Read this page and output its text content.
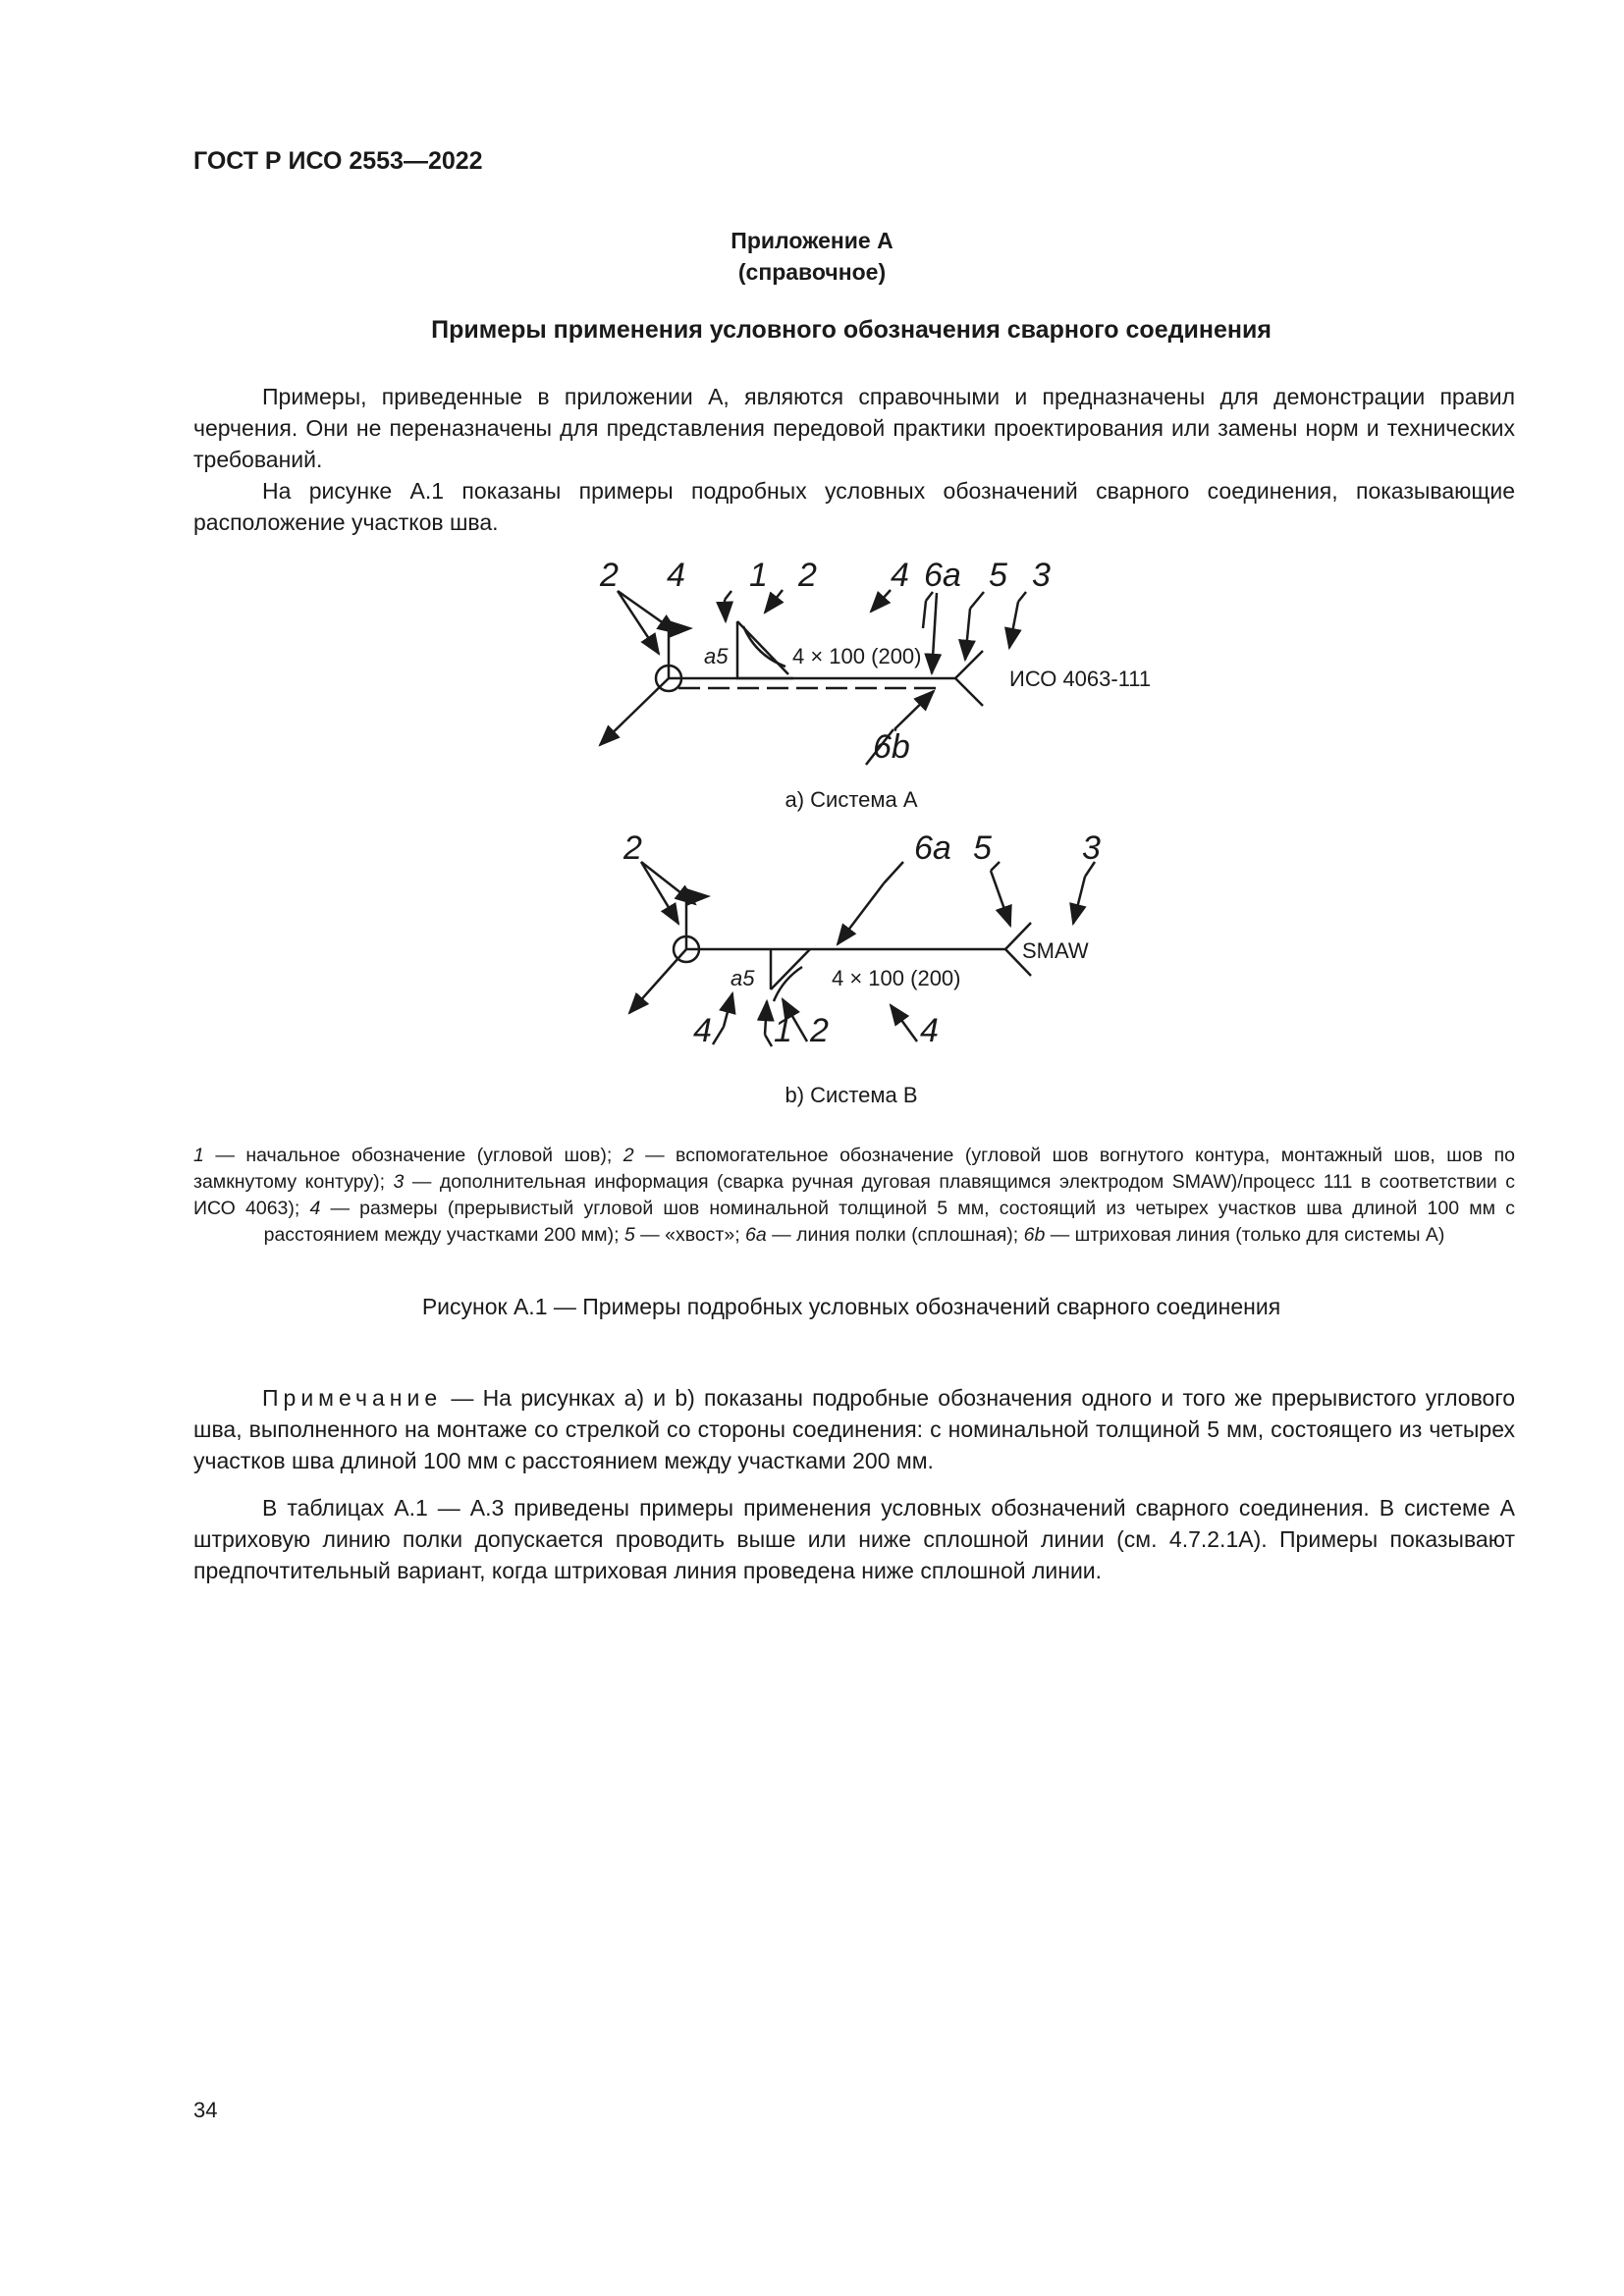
ГОСТ Р ИСО 2553—2022
Приложение А
(справочное)
Примеры применения условного обозначения сварного соединения
Примеры, приведенные в приложении А, являются справочными и предназначены для демонстрации правил черчения. Они не переназначены для представления передовой практики проектирования или замены норм и технических требований.
На рисунке А.1 показаны примеры подробных условных обозначений сварного соединения, показывающие расположение участков шва.
2 4 1 2 4 6a 5 3
6b
a5	4 × 100 (200)
ИСО 4063-111
а) Система А
2	6a 5	3
4 1 2	4
a5	4 × 100 (200)
SMAW
b) Система В
1 — начальное обозначение (угловой шов); 2 — вспомогательное обозначение (угловой шов вогнутого контура, монтажный шов, шов по замкнутому контуру); 3 — дополнительная информация (сварка ручная дуговая плавящимся электродом SMAW)/процесс 111 в соответствии с ИСО 4063); 4 — размеры (прерывистый угловой шов номинальной толщиной 5 мм, состоящий из четырех участков шва длиной 100 мм с расстоянием между участками 200 мм); 5 — «хвост»; 6a — линия полки (сплошная); 6b — штриховая линия (только для системы А)
Рисунок А.1 — Примеры подробных условных обозначений сварного соединения
Примечание — На рисунках а) и b) показаны подробные обозначения одного и того же прерывистого углового шва, выполненного на монтаже со стрелкой со стороны соединения: с номинальной толщиной 5 мм, состоящего из четырех участков шва длиной 100 мм с расстоянием между участками 200 мм.
В таблицах А.1 — А.3 приведены примеры применения условных обозначений сварного соединения. В системе А штриховую линию полки допускается проводить выше или ниже сплошной линии (см. 4.7.2.1А). Примеры показывают предпочтительный вариант, когда штриховая линия проведена ниже сплошной линии.
34
